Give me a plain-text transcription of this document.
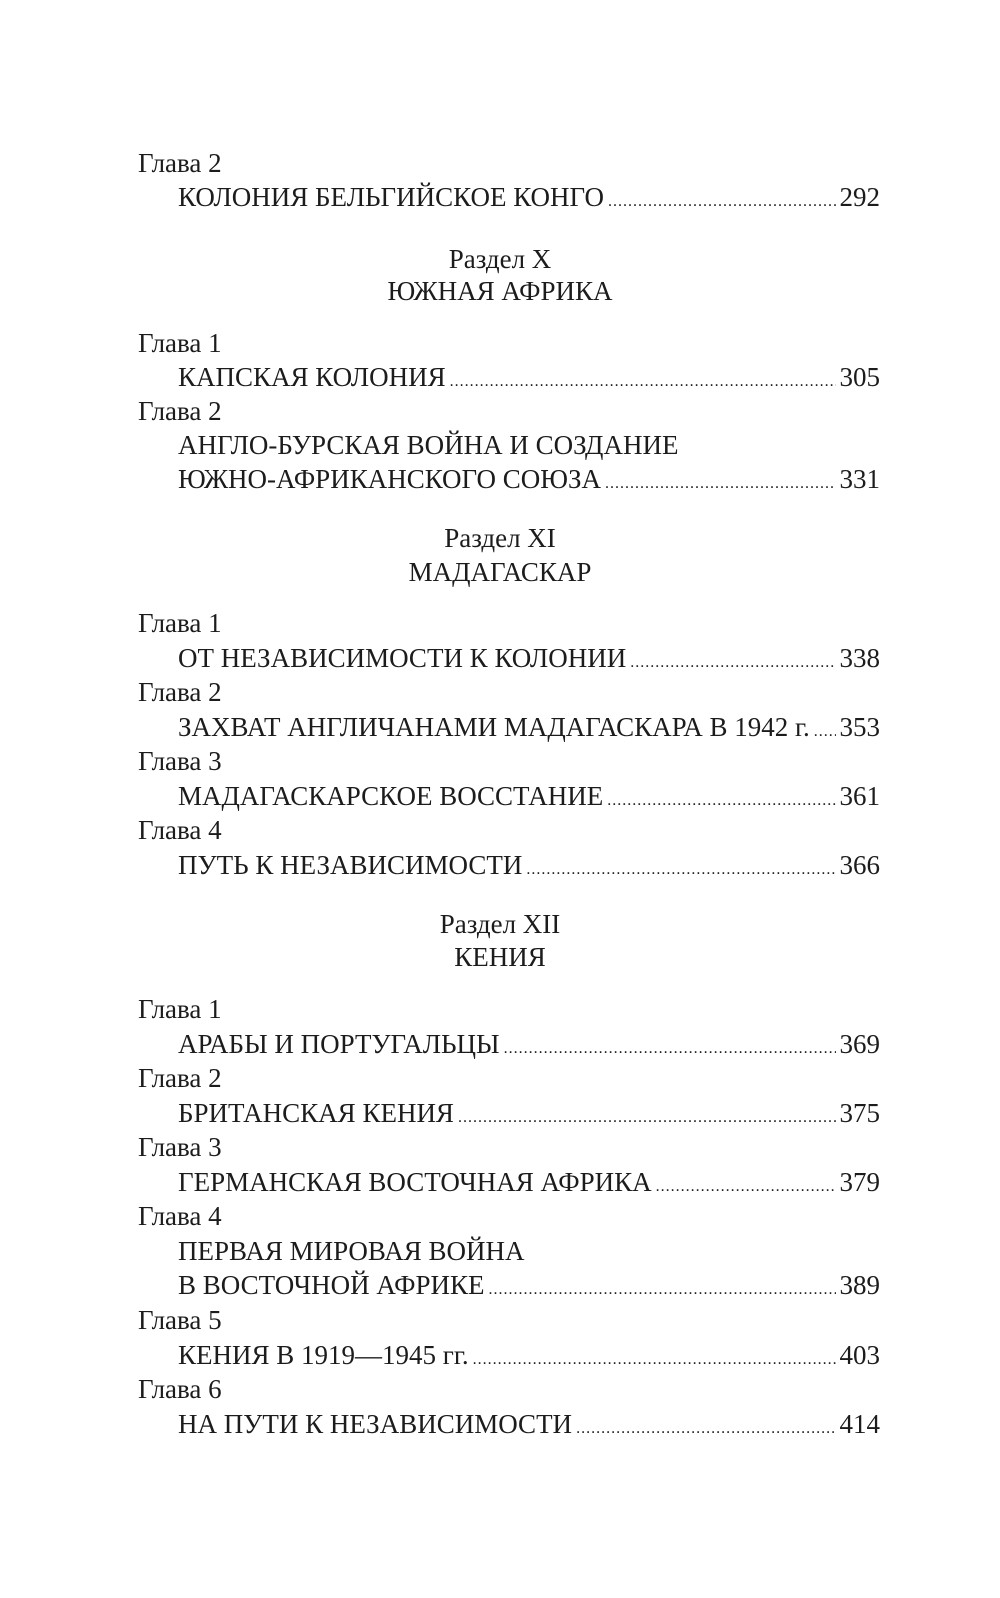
Глава 2
КОЛОНИЯ БЕЛЬГИЙСКОЕ КОНГО .....	292
Раздел X
ЮЖНАЯ АФРИКА
Глава 1
КАПСКАЯ КОЛОНИЯ .....	305
Глава 2
АНГЛО-БУРСКАЯ ВОЙНА И СОЗДАНИЕ
ЮЖНО-АФРИКАНСКОГО СОЮЗА .....	331
Раздел XI
МАДАГАСКАР
Глава 1
ОТ НЕЗАВИСИМОСТИ К КОЛОНИИ .....	338
Глава 2
ЗАХВАТ АНГЛИЧАНАМИ МАДАГАСКАРА В 1942 г. ..... 353
Глава 3
МАДАГАСКАРСКОЕ ВОССТАНИЕ .....	361
Глава 4
ПУТЬ К НЕЗАВИСИМОСТИ .....	366
Раздел XII
КЕНИЯ
Глава 1
АРАБЫ И ПОРТУГАЛЬЦЫ .....	369
Глава 2
БРИТАНСКАЯ КЕНИЯ .....	375
Глава 3
ГЕРМАНСКАЯ ВОСТОЧНАЯ АФРИКА .....	379
Глава 4
ПЕРВАЯ МИРОВАЯ ВОЙНА
В ВОСТОЧНОЙ АФРИКЕ .....	389
Глава 5
КЕНИЯ В 1919—1945 гг. .....	403
Глава 6
НА ПУТИ К НЕЗАВИСИМОСТИ .....	414
